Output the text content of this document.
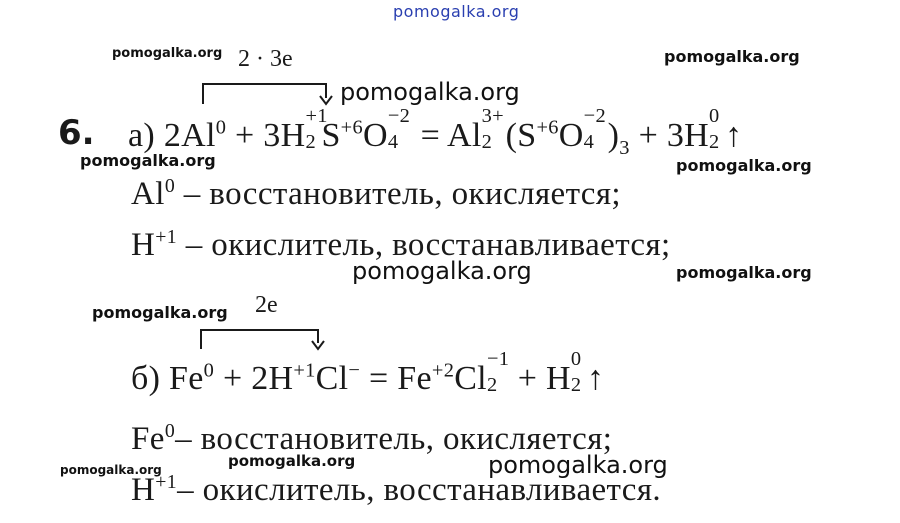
pomogalka.org
pomogalka.org	pomogalka.org
pomogalka.org
pomogalka.org	pomogalka.org
pomogalka.org	pomogalka.org
pomogalka.org
pomogalka.org
pomogalka.org	pomogalka.org
2 · 3e
2e
6. а) $2Al^0 + 3H$
+1
2 $S^{+6}O$
−2
4 = Al
3+
2 ($S^{+6}O$
−2
4 )$_3 + 3H$
0
2 ↑
Al$^0$ – восстановитель, окисляется;
$H^{+1}$ – окислитель, восстанавливается;
б) $Fe^0 + 2H^{+1}Cl^- = Fe^{+2}Cl$
−1
2 + H
0
2 ↑
Fe$^0$– восстановитель, окисляется;
$H^{+1}-$ окислитель, восстанавливается.
